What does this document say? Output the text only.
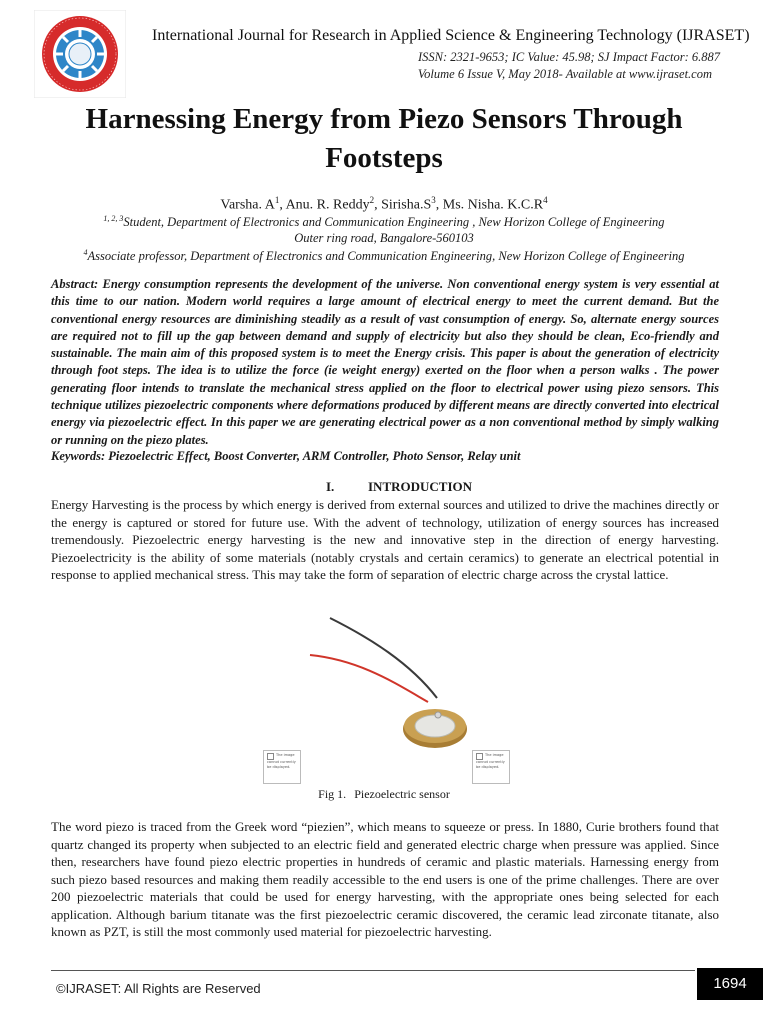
International Journal for Research in Applied Science & Engineering Technology (IJRASET)
ISSN: 2321-9653; IC Value: 45.98; SJ Impact Factor: 6.887
Volume 6 Issue V, May 2018- Available at www.ijraset.com
Harnessing Energy from Piezo Sensors Through
Footsteps
Varsha. $A^1$, Anu. R. Reddy$^2$, $Sirisha.S^3$, Ms. Nisha. $K.C.R^4$
$^{1, 2, 3}$Student, Department of Electronics and Communication Engineering , New Horizon College of Engineering
Outer ring road, Bangalore-560103
$^4$Associate professor, Department of Electronics and Communication Engineering, New Horizon College of Engineering

Abstract: Energy consumption represents the development of the universe. Non conventional energy system is very essential at this time to our nation. Modern world requires a large amount of electrical energy to meet the current demand. But the conventional energy resources are diminishing steadily as a result of vast consumption of energy. So, alternate energy sources are required not to fill up the gap between demand and supply of electricity but also they should be clean, Eco-friendly and sustainable. The main aim of this proposed system is to meet the Energy crisis. This paper is about the generation of electricity through foot steps. The idea is to utilize the force (ie weight energy) exerted on the floor when a person walks . The power generating floor intends to translate the mechanical stress applied on the floor to electrical power using piezo sensors. This technique utilizes piezoelectric components where deformations produced by different means are directly converted into electrical energy via piezoelectric effect. In this paper we are generating electrical power as a non conventional method by simply walking or running on the piezo plates.

Keywords: Piezoelectric Effect, Boost Converter, ARM Controller, Photo Sensor, Relay unit

I.	INTRODUCTION

Energy Harvesting is the process by which energy is derived from external sources and utilized to drive the machines directly or the energy is captured or stored for future use. With the advent of technology, utilization of energy sources has increased tremendously. Piezoelectric energy harvesting is the new and innovative step in the direction of energy harvesting. Piezoelectricity is the ability of some materials (notably crystals and certain ceramics) to generate an electrical potential in response to applied mechanical stress. This may take the form of separation of electric charge across the crystal lattice.

The image cannot currently be displayed.
The image cannot currently be displayed.
Fig 1. Piezoelectric sensor

The word piezo is traced from the Greek word “piezien”, which means to squeeze or press. In 1880, Curie brothers found that quartz changed its property when subjected to an electric field and generated electric charge when pressure was applied. Since then, researchers have found piezo electric properties in hundreds of ceramic and plastic materials. Harnessing energy from such piezo based resources and making them readily accessible to the end users is one of the prime challenges. There are over 200 piezoelectric materials that could be used for energy harvesting, with the appropriate ones being selected for each application. Although barium titanate was the first piezoelectric ceramic discovered, the ceramic lead zirconate titanate, also known as PZT, is still the most commonly used material for piezoelectric harvesting.

©IJRASET: All Rights are Reserved	1694
